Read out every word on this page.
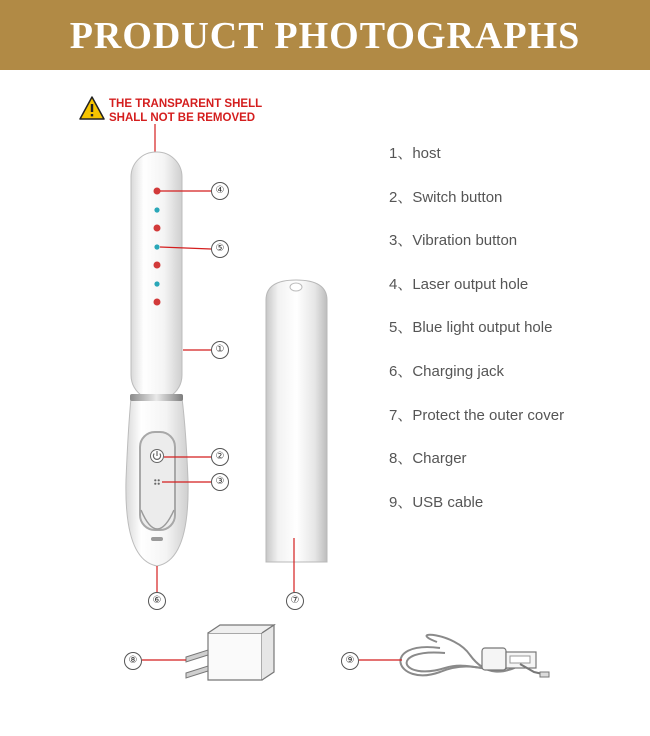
PRODUCT PHOTOGRAPHS
THE TRANSPARENT SHELL
SHALL NOT BE REMOVED
④
⑤
①
②
③
⑥	⑦
⑧	⑨
1、host
2、Switch button
3、Vibration button
4、Laser output hole
5、Blue light output hole
6、Charging jack
7、Protect the outer cover
8、Charger
9、USB cable
